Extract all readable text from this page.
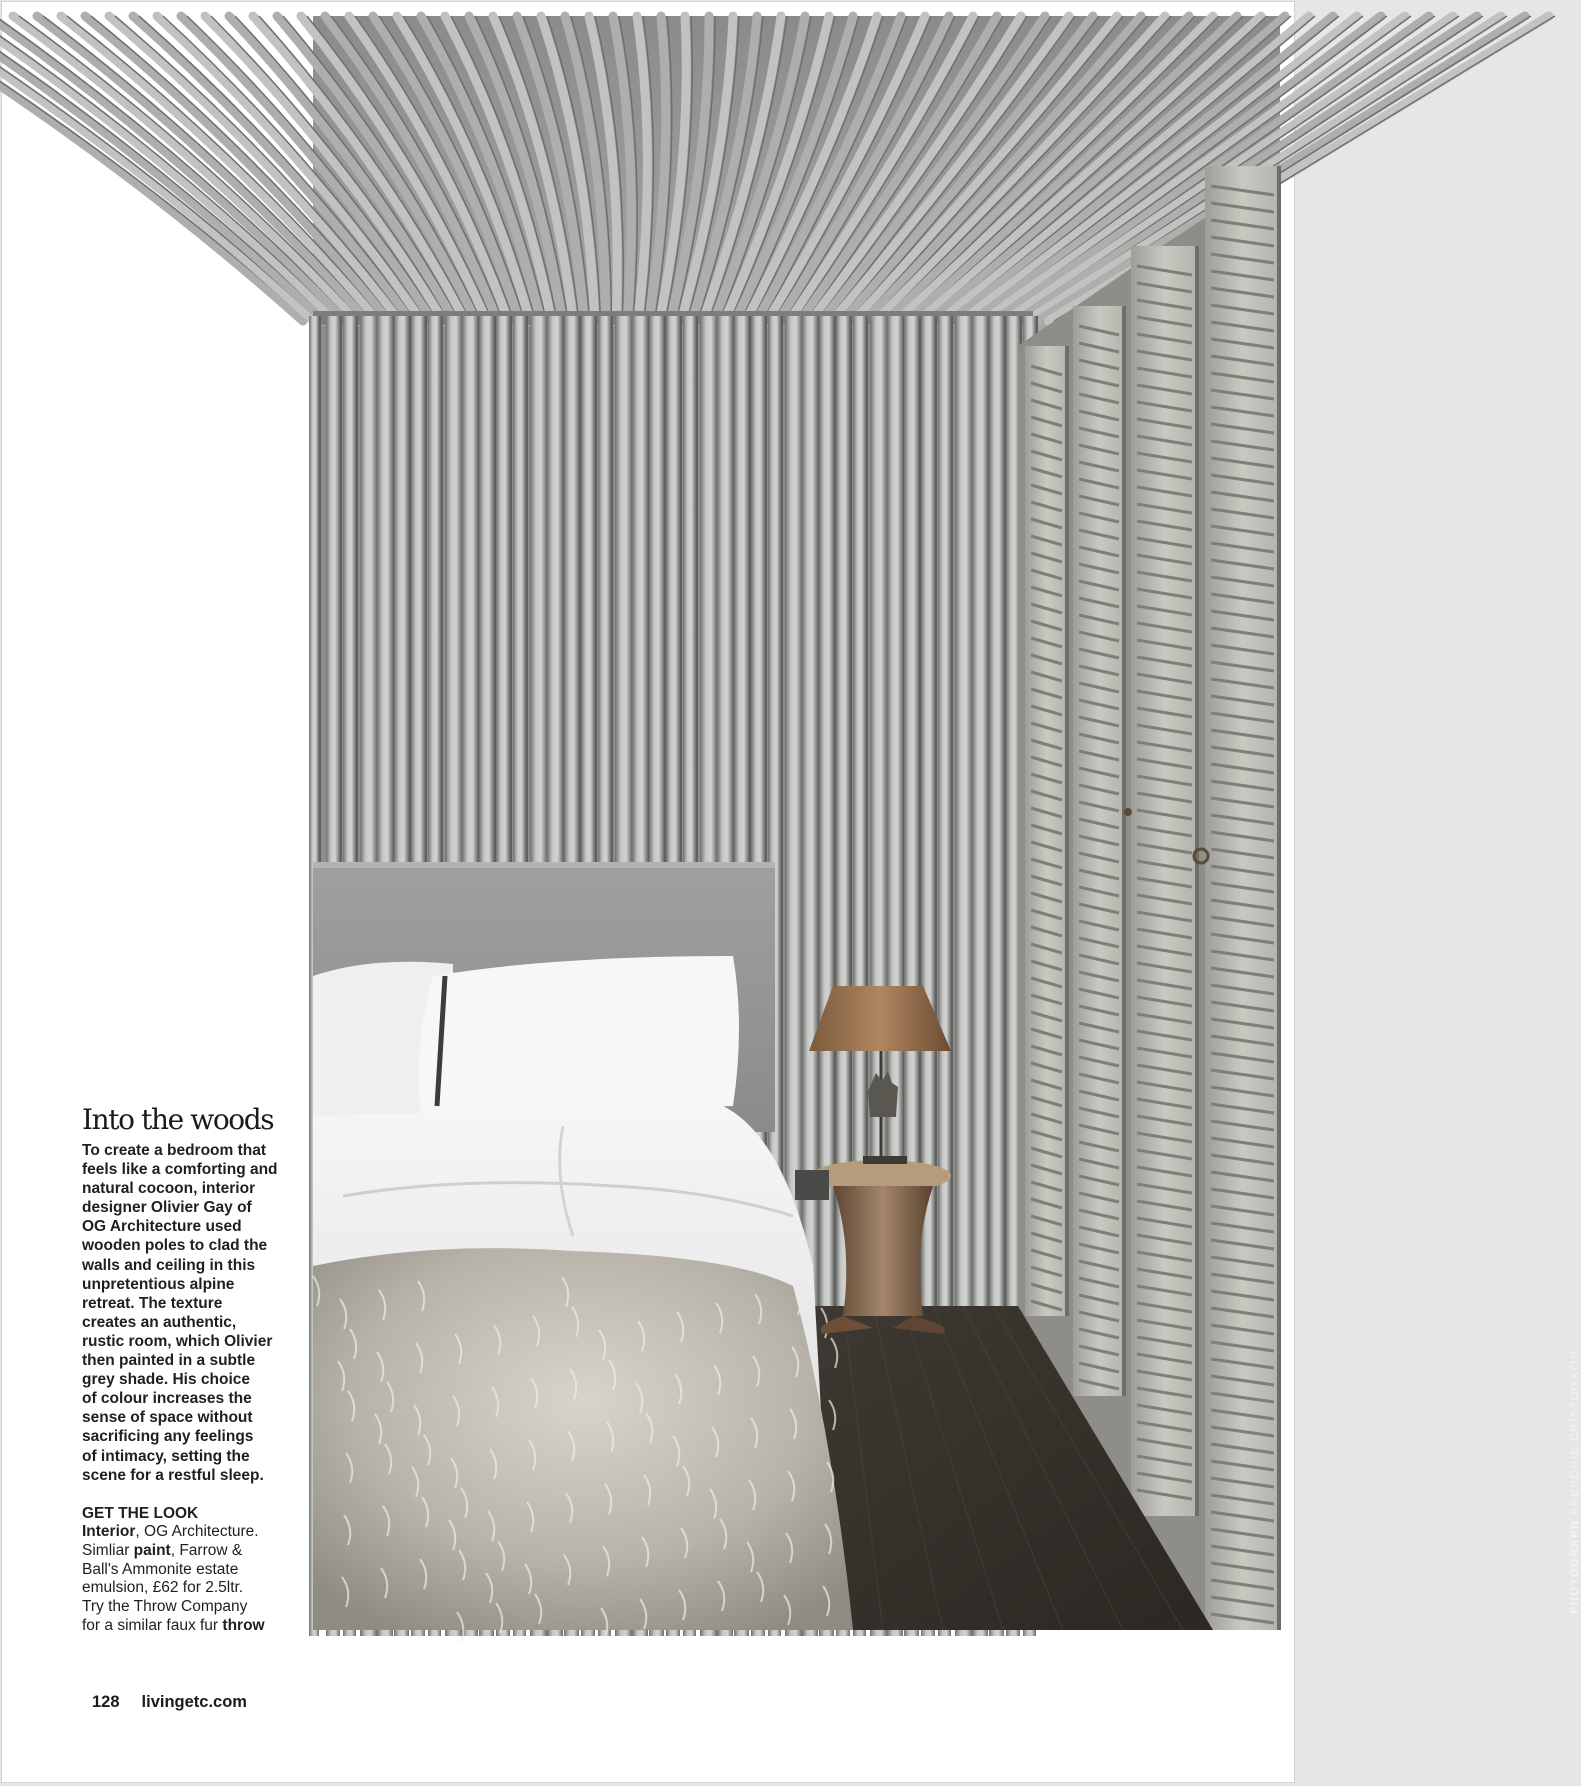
PHOTOGRAPH FRENCHIE CRISTOGATIN
Into the woods

To create a bedroom that
feels like a comforting and
natural cocoon, interior
designer Olivier Gay of
OG Architecture used
wooden poles to clad the
walls and ceiling in this
unpretentious alpine
retreat. The texture
creates an authentic,
rustic room, which Olivier
then painted in a subtle
grey shade. His choice
of colour increases the
sense of space without
sacrificing any feelings
of intimacy, setting the
scene for a restful sleep.

GET THE LOOK

Interior, OG Architecture.
Simliar paint, Farrow &
Ball's Ammonite estate
emulsion, £62 for 2.5ltr.
Try the Throw Company
for a similar faux fur throw

128 livingetc.com
